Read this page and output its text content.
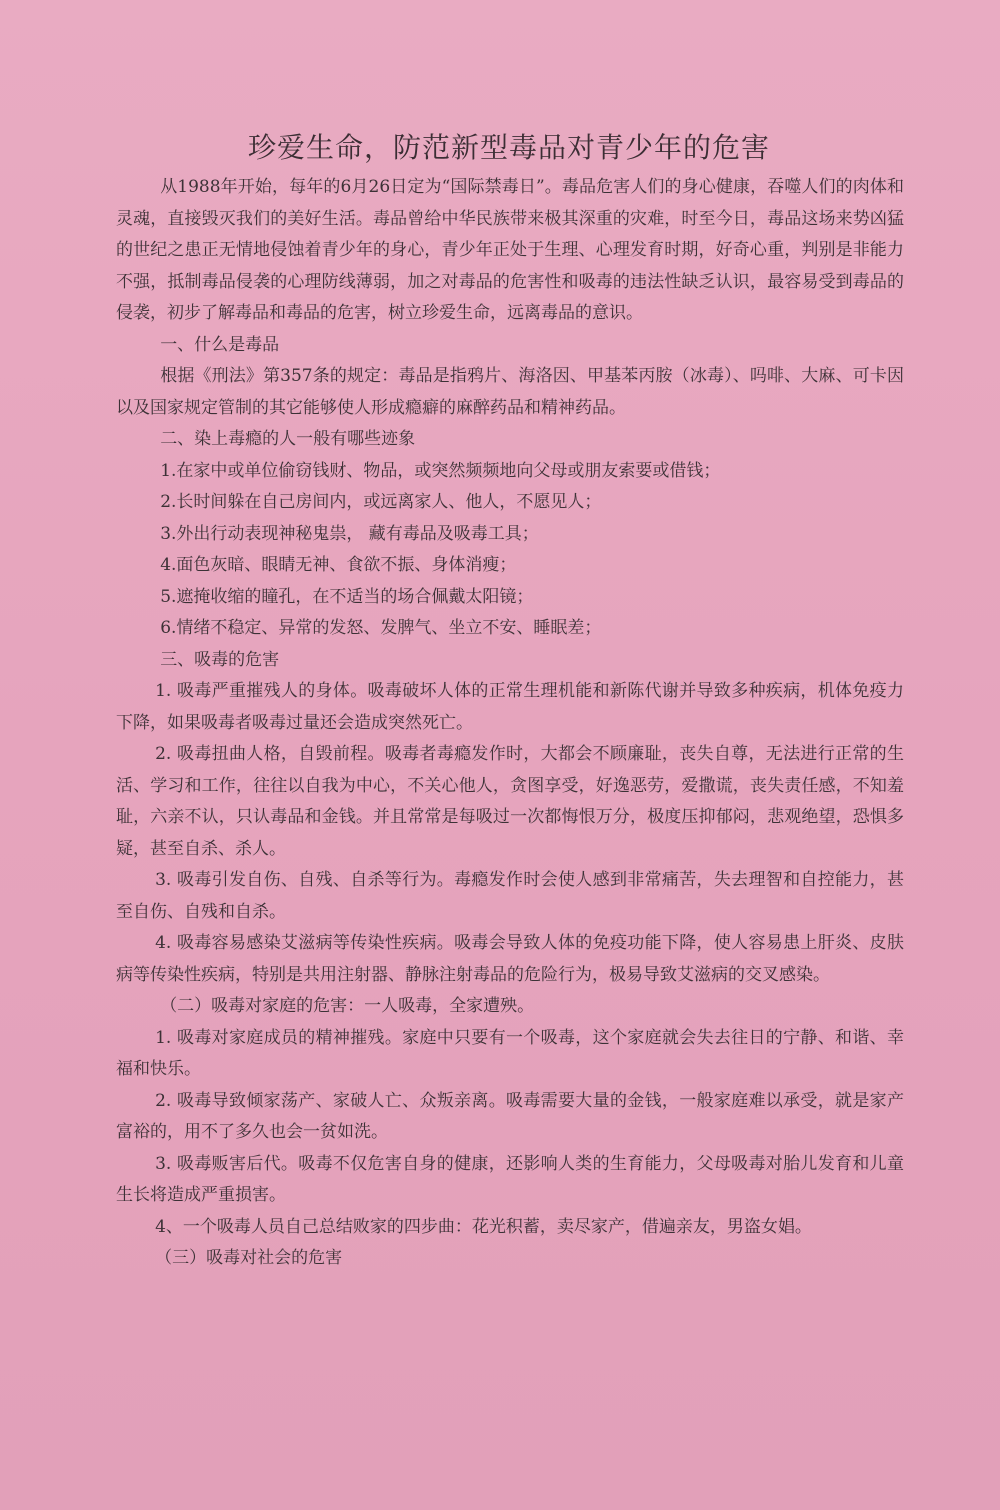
珍爱生命，防范新型毒品对青少年的危害

从1988年开始，每年的6月26日定为“国际禁毒日”。毒品危害人们的身心健康，吞噬人们的肉体和灵魂，直接毁灭我们的美好生活。毒品曾给中华民族带来极其深重的灾难，时至今日，毒品这场来势凶猛的世纪之患正无情地侵蚀着青少年的身心，青少年正处于生理、心理发育时期，好奇心重，判别是非能力不强，抵制毒品侵袭的心理防线薄弱，加之对毒品的危害性和吸毒的违法性缺乏认识，最容易受到毒品的侵袭，初步了解毒品和毒品的危害，树立珍爱生命，远离毒品的意识。

一、什么是毒品

根据《刑法》第357条的规定：毒品是指鸦片、海洛因、甲基苯丙胺（冰毒）、吗啡、大麻、可卡因以及国家规定管制的其它能够使人形成瘾癖的麻醉药品和精神药品。

二、染上毒瘾的人一般有哪些迹象

1.在家中或单位偷窃钱财、物品，或突然频频地向父母或朋友索要或借钱；

2.长时间躲在自己房间内，或远离家人、他人，不愿见人；

3.外出行动表现神秘鬼祟， 藏有毒品及吸毒工具；

4.面色灰暗、眼睛无神、食欲不振、身体消瘦；

5.遮掩收缩的瞳孔，在不适当的场合佩戴太阳镜；

6.情绪不稳定、异常的发怒、发脾气、坐立不安、睡眠差；

三、吸毒的危害

1. 吸毒严重摧残人的身体。吸毒破坏人体的正常生理机能和新陈代谢并导致多种疾病，机体免疫力下降，如果吸毒者吸毒过量还会造成突然死亡。

2. 吸毒扭曲人格，自毁前程。吸毒者毒瘾发作时，大都会不顾廉耻，丧失自尊，无法进行正常的生活、学习和工作，往往以自我为中心，不关心他人，贪图享受，好逸恶劳，爱撒谎，丧失责任感，不知羞耻，六亲不认，只认毒品和金钱。并且常常是每吸过一次都悔恨万分，极度压抑郁闷，悲观绝望，恐惧多疑，甚至自杀、杀人。

3. 吸毒引发自伤、自残、自杀等行为。毒瘾发作时会使人感到非常痛苦，失去理智和自控能力，甚至自伤、自残和自杀。

4. 吸毒容易感染艾滋病等传染性疾病。吸毒会导致人体的免疫功能下降，使人容易患上肝炎、皮肤病等传染性疾病，特别是共用注射器、静脉注射毒品的危险行为，极易导致艾滋病的交叉感染。

（二）吸毒对家庭的危害：一人吸毒，全家遭殃。

1. 吸毒对家庭成员的精神摧残。家庭中只要有一个吸毒，这个家庭就会失去往日的宁静、和谐、幸福和快乐。

2. 吸毒导致倾家荡产、家破人亡、众叛亲离。吸毒需要大量的金钱，一般家庭难以承受，就是家产富裕的，用不了多久也会一贫如洗。

3. 吸毒贩害后代。吸毒不仅危害自身的健康，还影响人类的生育能力，父母吸毒对胎儿发育和儿童生长将造成严重损害。

4、一个吸毒人员自己总结败家的四步曲：花光积蓄，卖尽家产，借遍亲友，男盗女娼。

（三）吸毒对社会的危害
